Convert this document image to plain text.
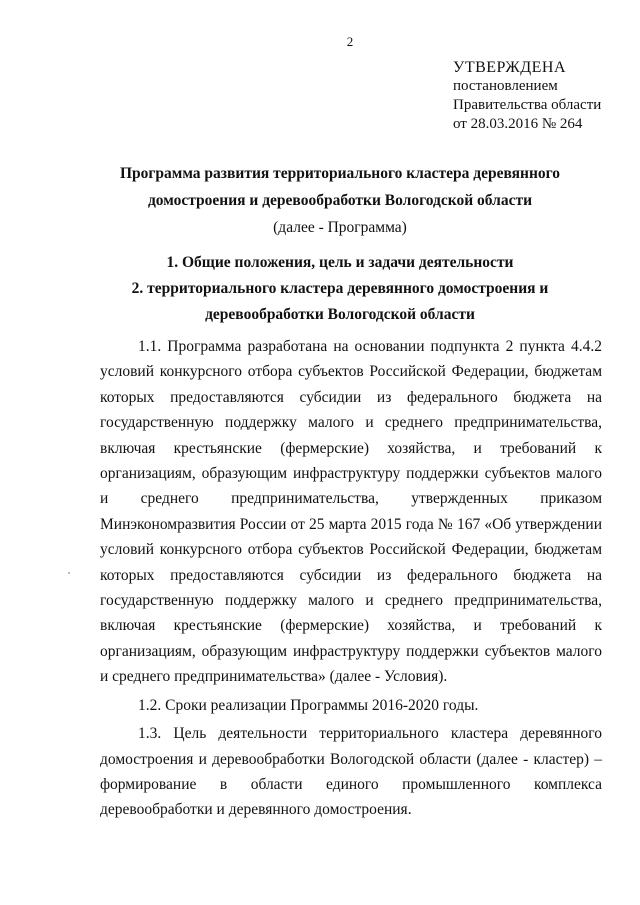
2
УТВЕРЖДЕНА
постановлением
Правительства области
от 28.03.2016 № 264
Программа развития территориального кластера деревянного
домостроения и деревообработки Вологодской области
(далее - Программа)
1. Общие положения, цель и задачи деятельности
2. территориального кластера деревянного домостроения и
деревообработки Вологодской области

1.1. Программа разработана на основании подпункта 2 пункта 4.4.2 условий конкурсного отбора субъектов Российской Федерации, бюджетам которых предоставляются субсидии из федерального бюджета на государственную поддержку малого и среднего предпринимательства, включая крестьянские (фермерские) хозяйства, и требований к организациям, образующим инфраструктуру поддержки субъектов малого и среднего предпринимательства, утвержденных приказом Минэкономразвития России от 25 марта 2015 года № 167 «Об утверждении условий конкурсного отбора субъектов Российской Федерации, бюджетам которых предоставляются субсидии из федерального бюджета на государственную поддержку малого и среднего предпринимательства, включая крестьянские (фермерские) хозяйства, и требований к организациям, образующим инфраструктуру поддержки субъектов малого и среднего предпринимательства» (далее - Условия).

1.2. Сроки реализации Программы 2016-2020 годы.

1.3. Цель деятельности территориального кластера деревянного домостроения и деревообработки Вологодской области (далее - кластер) – формирование в области единого промышленного комплекса деревообработки и деревянного домостроения.
